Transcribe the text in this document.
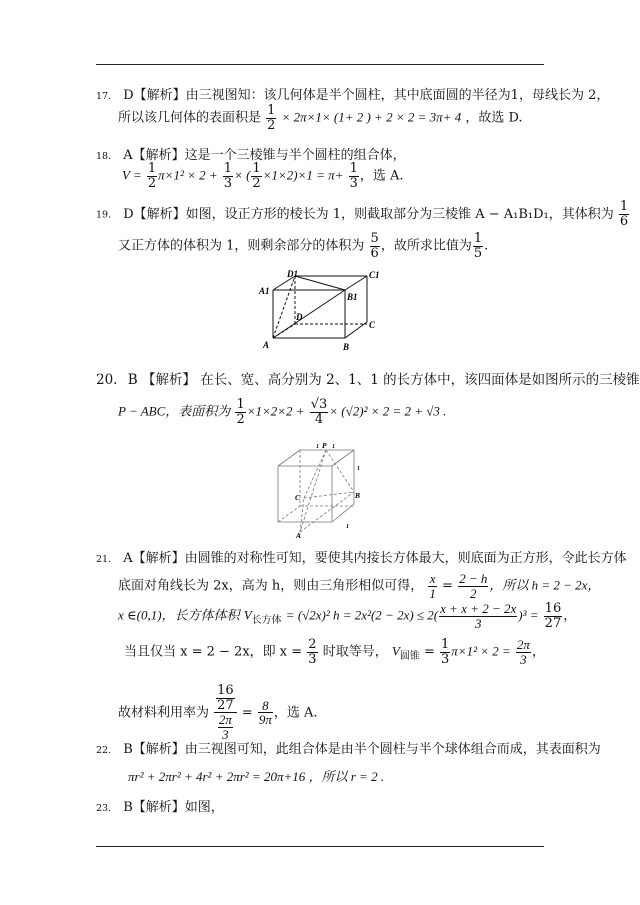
17. D【解析】由三视图知：该几何体是半个圆柱，其中底面圆的半径为1，母线长为 2，
所以该几何体的表面积是 $\frac{1}{2} \times 2\pi\times 1\times (1+ 2$ ) + 2 × 2 = 3π+ 4 ，故选 D.
18. A【解析】这是一个三棱锥与半个圆柱的组合体，
$V = \frac{1}{2} \pi\times 1^2 \times 2 + \frac{1}{3}$ × ( $\frac{1}{2} \times 1\times 2)\times 1 = \pi+ \frac{1}{3}$ ，选 A.
19. D【解析】如图，设正方形的棱长为 1，则截取部分为三棱锥 A − A₁B₁D₁，其体积为 $\frac{1}{6}$
又正方体的体积为 1，则剩余部分的体积为 $\frac{5}{6}$ ，故所求比值为 $\frac{1}{5}$ .
D1	C1
A1
B1
D
A	B
C
20. B 【解析】 在长、宽、高分别为 2、1、1 的长方体中，该四面体是如图所示的三棱锥
P − ABC，表面积为 $\frac{1}{2} \times 1\times 2\times 2 + \frac{√3}{4} \times (√2)^2 \times 2 = 2 + √3$ .
P
C	B
A
1 1
1
1
21. A【解析】由圆锥的对称性可知，要使其内接长方体最大，则底面为正方形，令此长方体
底面对角线长为 2x，高为 h，则由三角形相似可得， $\frac{x}{1} = \frac{2 - h}{2}$ ，所以 h = 2 − 2x，
x ∈(0,1)，长方体体积 $V_{长方体} = (√2x)^2$ $h = 2x^2(2 - 2x) \le 2( \frac{x + x + 2 - 2x}{3} )^3 = \frac{16}{27}$ ，
当且仅当 x = 2 − 2x，即 $x = \frac{2}{3}$ 时取等号， $V_{圆锥} = \frac{1}{3} \pi\times 1^2 \times 2 = \frac{2\pi}{3}$ ，
故材料利用率为 $\frac{\frac{16}{27}}{\frac{2\pi}{3}} = \frac{8}{9\pi}$ ，选 A.
22. B【解析】由三视图可知，此组合体是由半个圆柱与半个球体组合而成，其表面积为
πr² + 2πr² + 4r² + 2πr² = 20π+16 ，所以 r = 2 .
23. B【解析】如图，
